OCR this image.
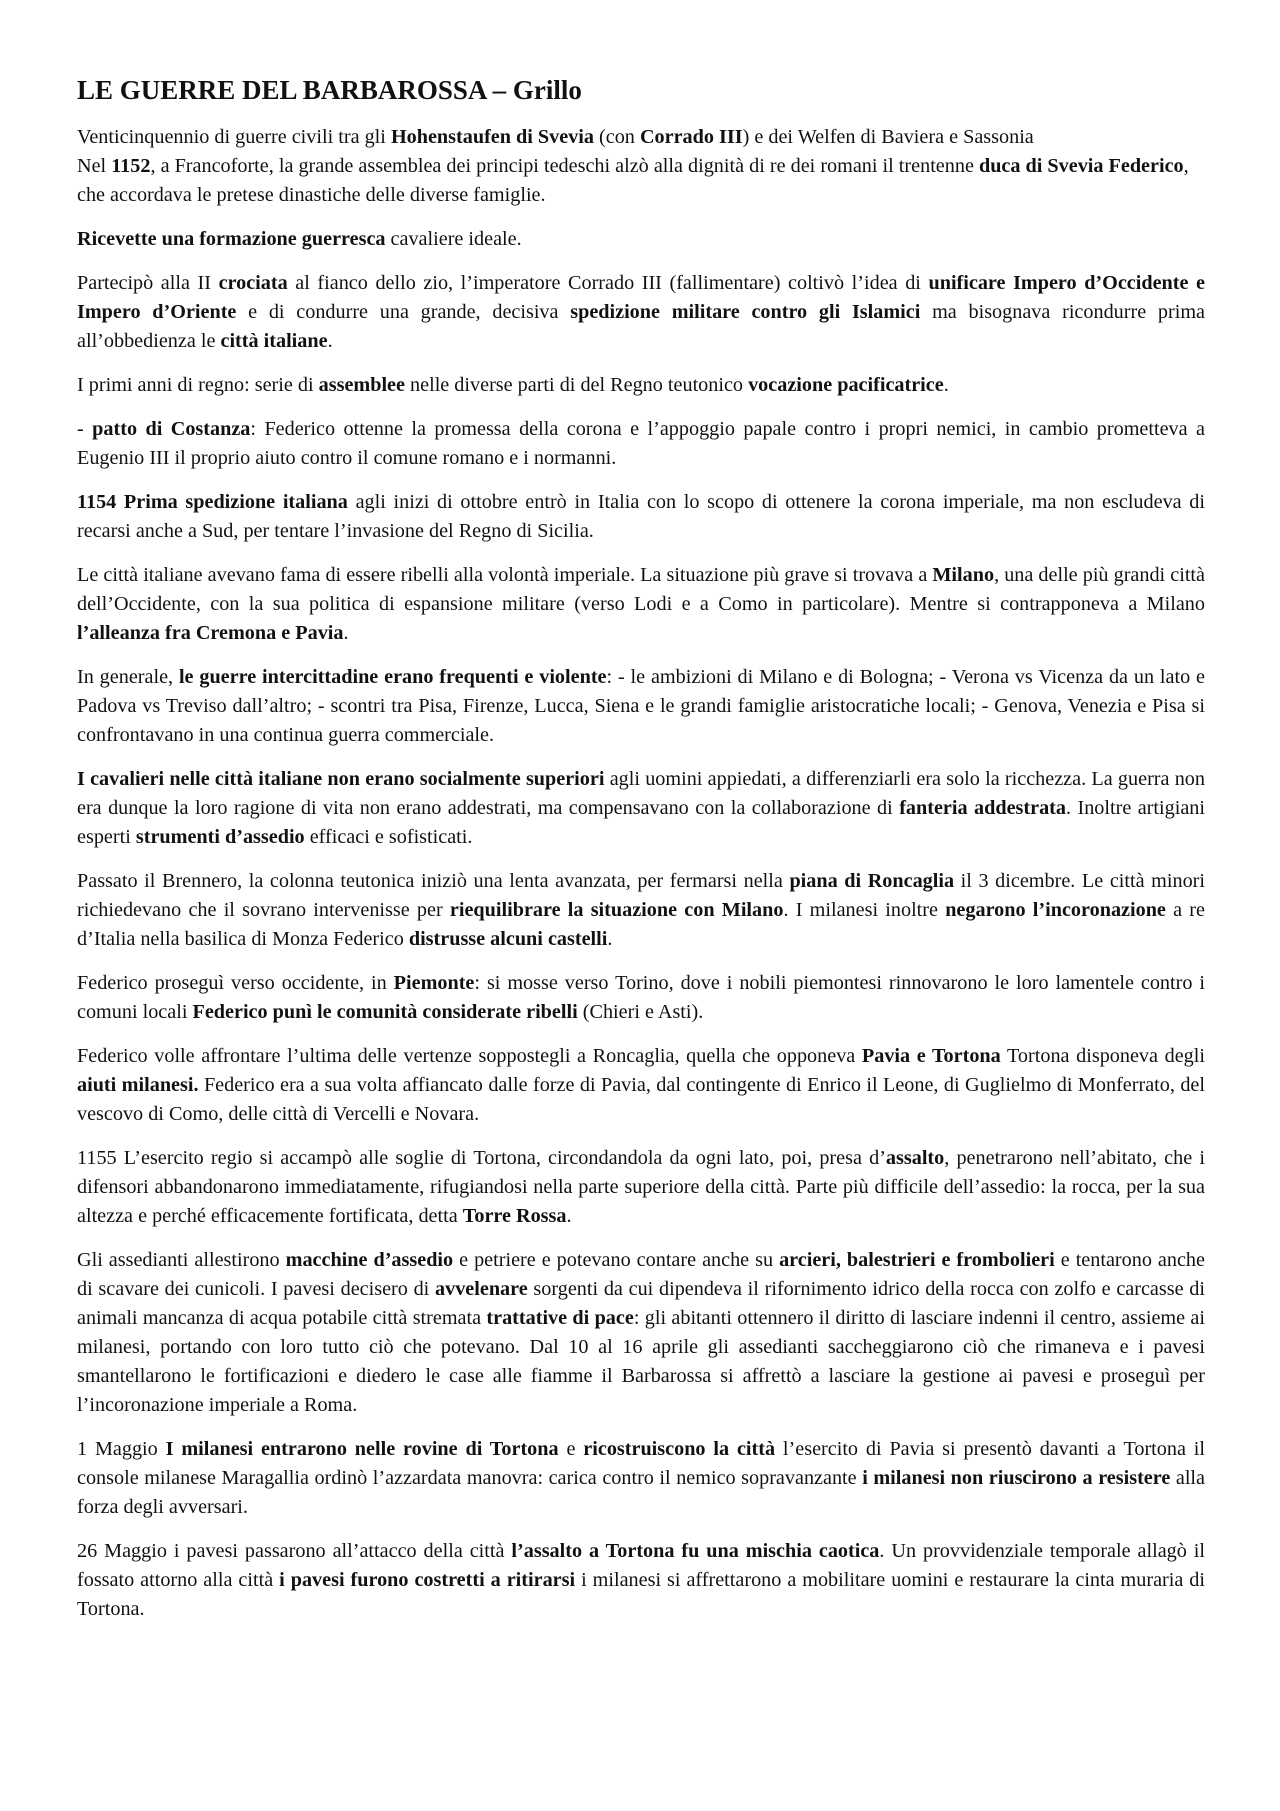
LE GUERRE DEL BARBAROSSA – Grillo

Venticinquennio di guerre civili tra gli Hohenstaufen di Svevia (con Corrado III) e dei Welfen di Baviera e Sassonia
Nel 1152, a Francoforte, la grande assemblea dei principi tedeschi alzò alla dignità di re dei romani il trentenne duca di Svevia Federico, che accordava le pretese dinastiche delle diverse famiglie.

Ricevette una formazione guerresca cavaliere ideale.

Partecipò alla II crociata al fianco dello zio, l’imperatore Corrado III (fallimentare) coltivò l’idea di unificare Impero d’Occidente e Impero d’Oriente e di condurre una grande, decisiva spedizione militare contro gli Islamici ma bisognava ricondurre prima all’obbedienza le città italiane.

I primi anni di regno: serie di assemblee nelle diverse parti di del Regno teutonico vocazione pacificatrice.

- patto di Costanza: Federico ottenne la promessa della corona e l’appoggio papale contro i propri nemici, in cambio prometteva a Eugenio III il proprio aiuto contro il comune romano e i normanni.

1154 Prima spedizione italiana agli inizi di ottobre entrò in Italia con lo scopo di ottenere la corona imperiale, ma non escludeva di recarsi anche a Sud, per tentare l’invasione del Regno di Sicilia.

Le città italiane avevano fama di essere ribelli alla volontà imperiale. La situazione più grave si trovava a Milano, una delle più grandi città dell’Occidente, con la sua politica di espansione militare (verso Lodi e a Como in particolare). Mentre si contrapponeva a Milano l’alleanza fra Cremona e Pavia.

In generale, le guerre intercittadine erano frequenti e violente: - le ambizioni di Milano e di Bologna; - Verona vs Vicenza da un lato e Padova vs Treviso dall’altro; - scontri tra Pisa, Firenze, Lucca, Siena e le grandi famiglie aristocratiche locali; - Genova, Venezia e Pisa si confrontavano in una continua guerra commerciale.

I cavalieri nelle città italiane non erano socialmente superiori agli uomini appiedati, a differenziarli era solo la ricchezza. La guerra non era dunque la loro ragione di vita non erano addestrati, ma compensavano con la collaborazione di fanteria addestrata. Inoltre artigiani esperti strumenti d’assedio efficaci e sofisticati.

Passato il Brennero, la colonna teutonica iniziò una lenta avanzata, per fermarsi nella piana di Roncaglia il 3 dicembre. Le città minori richiedevano che il sovrano intervenisse per riequilibrare la situazione con Milano. I milanesi inoltre negarono l’incoronazione a re d’Italia nella basilica di Monza Federico distrusse alcuni castelli.

Federico proseguì verso occidente, in Piemonte: si mosse verso Torino, dove i nobili piemontesi rinnovarono le loro lamentele contro i comuni locali Federico punì le comunità considerate ribelli (Chieri e Asti).

Federico volle affrontare l’ultima delle vertenze soppostegli a Roncaglia, quella che opponeva Pavia e Tortona Tortona disponeva degli aiuti milanesi. Federico era a sua volta affiancato dalle forze di Pavia, dal contingente di Enrico il Leone, di Guglielmo di Monferrato, del vescovo di Como, delle città di Vercelli e Novara.

1155 L’esercito regio si accampò alle soglie di Tortona, circondandola da ogni lato, poi, presa d’assalto, penetrarono nell’abitato, che i difensori abbandonarono immediatamente, rifugiandosi nella parte superiore della città. Parte più difficile dell’assedio: la rocca, per la sua altezza e perché efficacemente fortificata, detta Torre Rossa.

Gli assedianti allestirono macchine d’assedio e petriere e potevano contare anche su arcieri, balestrieri e frombolieri e tentarono anche di scavare dei cunicoli. I pavesi decisero di avvelenare sorgenti da cui dipendeva il rifornimento idrico della rocca con zolfo e carcasse di animali mancanza di acqua potabile città stremata trattative di pace: gli abitanti ottennero il diritto di lasciare indenni il centro, assieme ai milanesi, portando con loro tutto ciò che potevano. Dal 10 al 16 aprile gli assedianti saccheggiarono ciò che rimaneva e i pavesi smantellarono le fortificazioni e diedero le case alle fiamme il Barbarossa si affrettò a lasciare la gestione ai pavesi e proseguì per l’incoronazione imperiale a Roma.

1 Maggio I milanesi entrarono nelle rovine di Tortona e ricostruiscono la città l’esercito di Pavia si presentò davanti a Tortona il console milanese Maragallia ordinò l’azzardata manovra: carica contro il nemico sopravanzante i milanesi non riuscirono a resistere alla forza degli avversari.

26 Maggio i pavesi passarono all’attacco della città l’assalto a Tortona fu una mischia caotica. Un provvidenziale temporale allagò il fossato attorno alla città i pavesi furono costretti a ritirarsi i milanesi si affrettarono a mobilitare uomini e restaurare la cinta muraria di Tortona.
